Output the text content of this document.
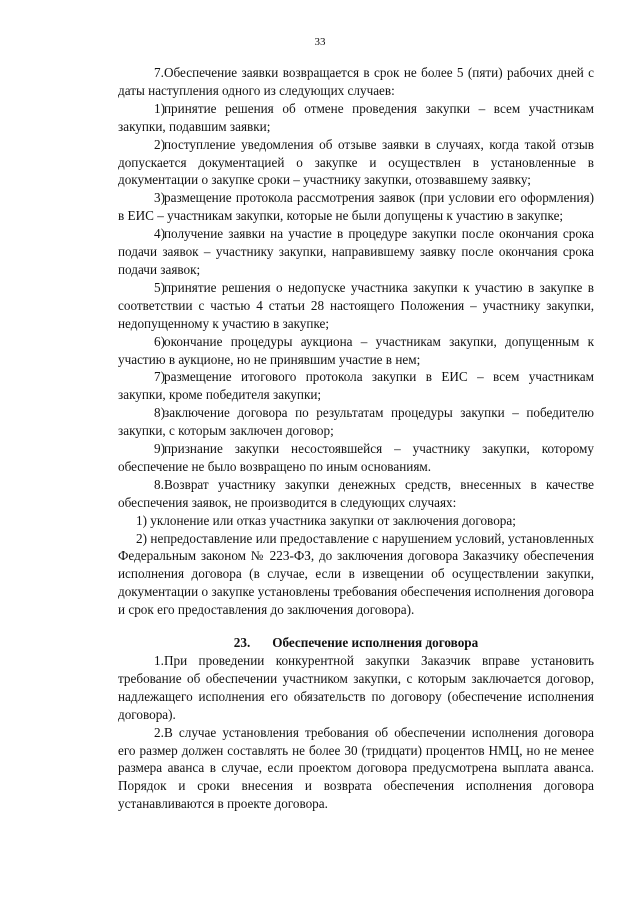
33

7.Обеспечение заявки возвращается в срок не более 5 (пяти) рабочих дней с даты наступления одного из следующих случаев:

1)принятие решения об отмене проведения закупки – всем участникам закупки, подавшим заявки;

2)поступление уведомления об отзыве заявки в случаях, когда такой отзыв допускается документацией о закупке и осуществлен в установленные в документации о закупке сроки – участнику закупки, отозвавшему заявку;

3)размещение протокола рассмотрения заявок (при условии его оформления) в ЕИС – участникам закупки, которые не были допущены к участию в закупке;

4)получение заявки на участие в процедуре закупки после окончания срока подачи заявок – участнику закупки, направившему заявку после окончания срока подачи заявок;

5)принятие решения о недопуске участника закупки к участию в закупке в соответствии с частью 4 статьи 28 настоящего Положения – участнику закупки, недопущенному к участию в закупке;

6)окончание процедуры аукциона – участникам закупки, допущенным к участию в аукционе, но не принявшим участие в нем;

7)размещение итогового протокола закупки в ЕИС – всем участникам закупки, кроме победителя закупки;

8)заключение договора по результатам процедуры закупки – победителю закупки, с которым заключен договор;

9)признание закупки несостоявшейся – участнику закупки, которому обеспечение не было возвращено по иным основаниям.

8.Возврат участнику закупки денежных средств, внесенных в качестве обеспечения заявок, не производится в следующих случаях:

1) уклонение или отказ участника закупки от заключения договора;

2) непредоставление или предоставление с нарушением условий, установленных Федеральным законом № 223-ФЗ, до заключения договора Заказчику обеспечения исполнения договора (в случае, если в извещении об осуществлении закупки, документации о закупке установлены требования обеспечения исполнения договора и срок его предоставления до заключения договора).

23. Обеспечение исполнения договора

1.При проведении конкурентной закупки Заказчик вправе установить требование об обеспечении участником закупки, с которым заключается договор, надлежащего исполнения его обязательств по договору (обеспечение исполнения договора).

2.В случае установления требования об обеспечении исполнения договора его размер должен составлять не более 30 (тридцати) процентов НМЦ, но не менее размера аванса в случае, если проектом договора предусмотрена выплата аванса. Порядок и сроки внесения и возврата обеспечения исполнения договора устанавливаются в проекте договора.
